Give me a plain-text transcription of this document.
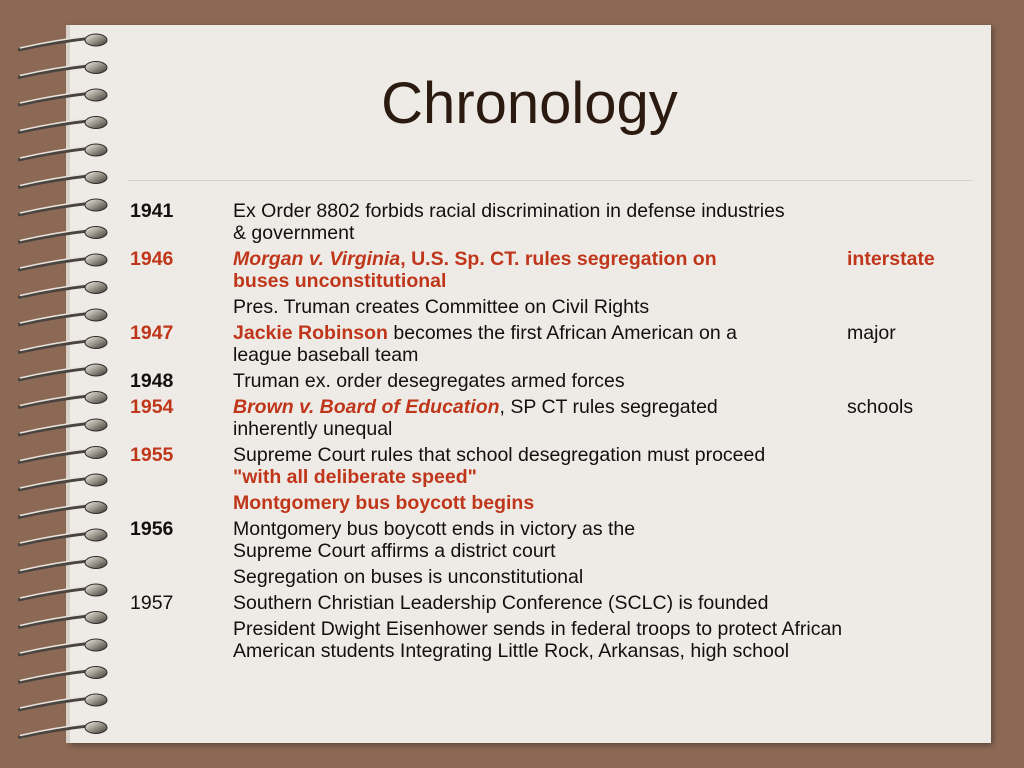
Chronology
1941	Ex Order 8802 forbids racial discrimination in defense industries
& government
1946	Morgan v. Virginia, U.S. Sp. CT. rules segregation on	interstate
buses unconstitutional
Pres. Truman creates Committee on Civil Rights
1947	Jackie Robinson becomes the first African American on a	major
league baseball team
1948	Truman ex. order desegregates armed forces
1954	Brown v. Board of Education, SP CT rules segregated	schools
inherently unequal
1955	Supreme Court rules that school desegregation must proceed
"with all deliberate speed"
Montgomery bus boycott begins
1956	Montgomery bus boycott ends in victory as the
Supreme Court affirms a district court
Segregation on buses is unconstitutional
1957	Southern Christian Leadership Conference (SCLC) is founded
President Dwight Eisenhower sends in federal troops to protect African
American students Integrating Little Rock, Arkansas, high school
